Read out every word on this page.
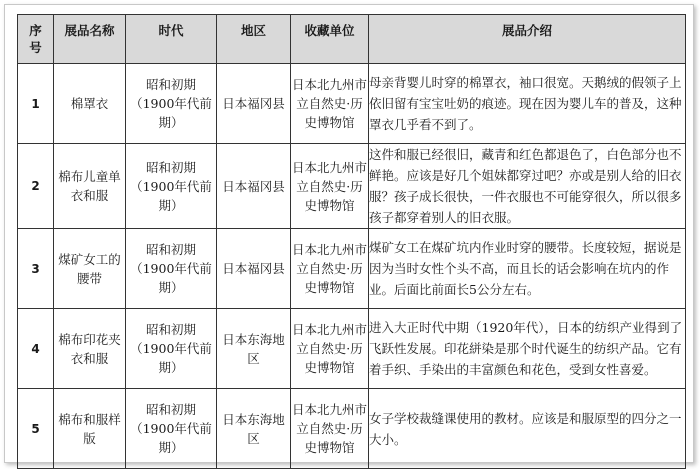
序号	展品名称	时代	地区	收藏单位	展品介绍
1	棉罩衣	昭和初期（1900年代前期）	日本福冈县	日本北九州市立自然史·历史博物馆	母亲背婴儿时穿的棉罩衣，袖口很宽。天鹅绒的假领子上依旧留有宝宝吐奶的痕迹。现在因为婴儿车的普及，这种罩衣几乎看不到了。
2	棉布儿童单衣和服	昭和初期（1900年代前期）	日本福冈县	日本北九州市立自然史·历史博物馆	这件和服已经很旧，藏青和红色都退色了，白色部分也不鲜艳。应该是好几个姐妹都穿过吧？亦或是别人给的旧衣服？孩子成长很快，一件衣服也不可能穿很久，所以很多孩子都穿着别人的旧衣服。
3	煤矿女工的腰带	昭和初期（1900年代前期）	日本福冈县	日本北九州市立自然史·历史博物馆	煤矿女工在煤矿坑内作业时穿的腰带。长度较短，据说是因为当时女性个头不高，而且长的话会影响在坑内的作业。后面比前面长5公分左右。
4	棉布印花夹衣和服	昭和初期（1900年代前期）	日本东海地区	日本北九州市立自然史·历史博物馆	进入大正时代中期（1920年代），日本的纺织产业得到了飞跃性发展。印花絣染是那个时代诞生的纺织产品。它有着手织、手染出的丰富颜色和花色，受到女性喜爱。
5	棉布和服样版	昭和初期（1900年代前期）	日本东海地区	日本北九州市立自然史·历史博物馆	女子学校裁缝课使用的教材。应该是和服原型的四分之一大小。
